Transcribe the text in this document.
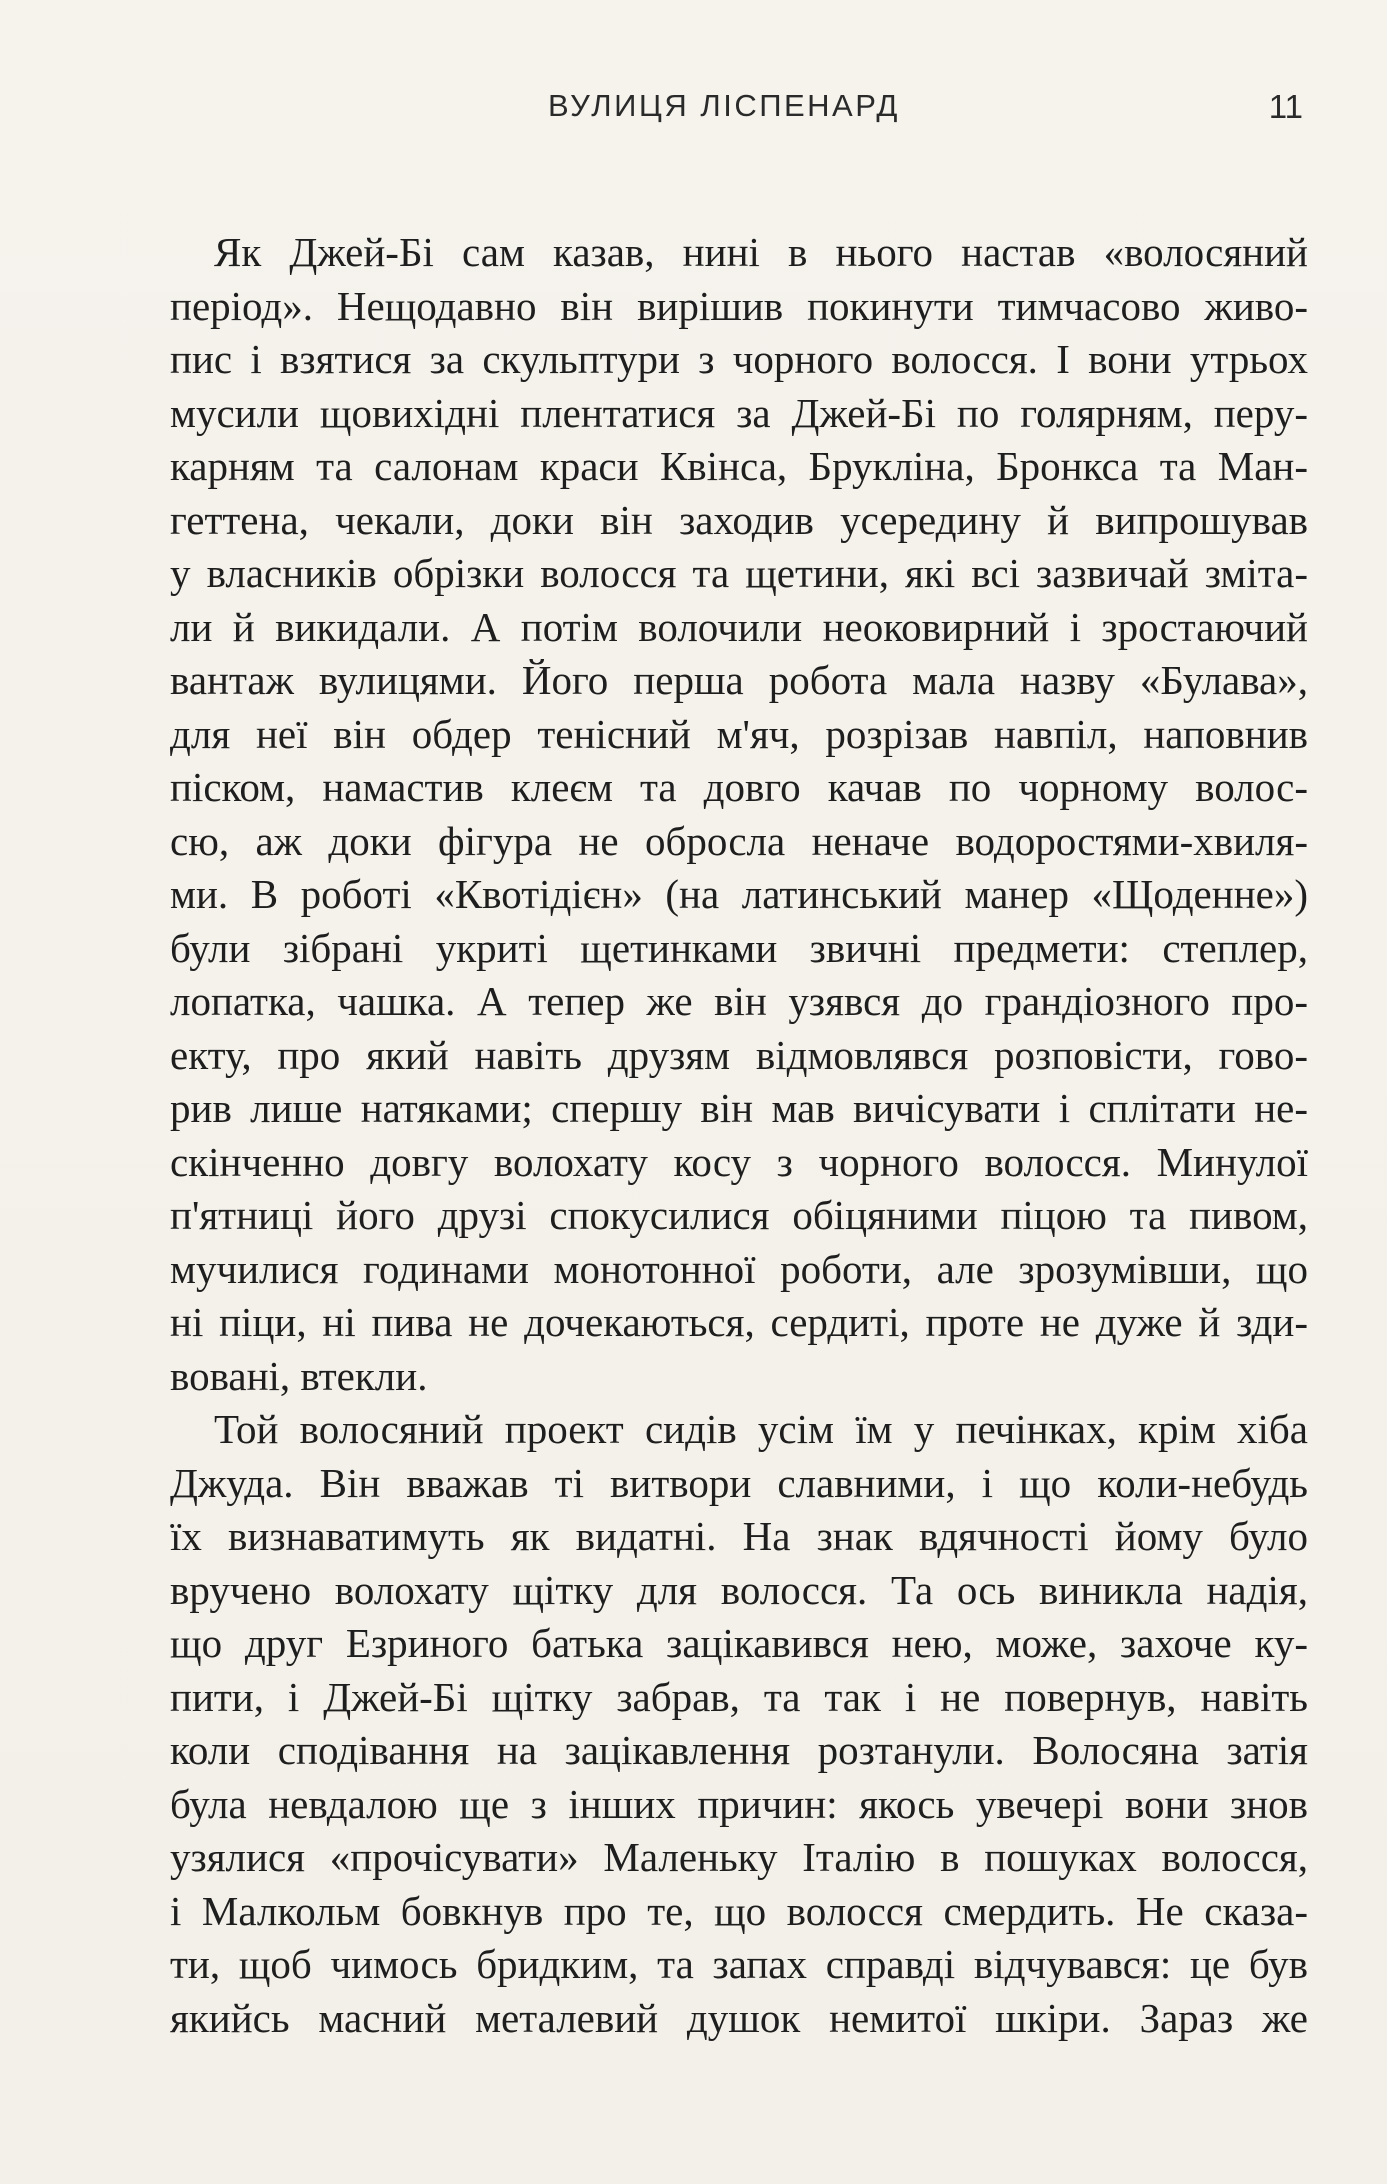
ВУЛИЦЯ ЛІСПЕНАРД	11
Як Джей-Бі сам казав, нині в нього настав «волосяний
період». Нещодавно він вирішив покинути тимчасово живо-
пис і взятися за скульптури з чорного волосся. І вони утрьох
мусили щовихідні плентатися за Джей-Бі по голярням, перу-
карням та салонам краси Квінса, Брукліна, Бронкса та Ман-
геттена, чекали, доки він заходив усередину й випрошував
у власників обрізки волосся та щетини, які всі зазвичай зміта-
ли й викидали. А потім волочили неоковирний і зростаючий
вантаж вулицями. Його перша робота мала назву «Булава»,
для неї він обдер тенісний м'яч, розрізав навпіл, наповнив
піском, намастив клеєм та довго качав по чорному волос-
сю, аж доки фігура не обросла неначе водоростями-хвиля-
ми. В роботі «Квотідієн» (на латинський манер «Щоденне»)
були зібрані укриті щетинками звичні предмети: степлер,
лопатка, чашка. А тепер же він узявся до грандіозного про-
екту, про який навіть друзям відмовлявся розповісти, гово-
рив лише натяками; спершу він мав вичісувати і сплітати не-
скінченно довгу волохату косу з чорного волосся. Минулої
п'ятниці його друзі спокусилися обіцяними піцою та пивом,
мучилися годинами монотонної роботи, але зрозумівши, що
ні піци, ні пива не дочекаються, сердиті, проте не дуже й зди-
вовані, втекли.
Той волосяний проект сидів усім їм у печінках, крім хіба
Джуда. Він вважав ті витвори славними, і що коли-небудь
їх визнаватимуть як видатні. На знак вдячності йому було
вручено волохату щітку для волосся. Та ось виникла надія,
що друг Езриного батька зацікавився нею, може, захоче ку-
пити, і Джей-Бі щітку забрав, та так і не повернув, навіть
коли сподівання на зацікавлення розтанули. Волосяна затія
була невдалою ще з інших причин: якось увечері вони знов
узялися «прочісувати» Маленьку Італію в пошуках волосся,
і Малкольм бовкнув про те, що волосся смердить. Не сказа-
ти, щоб чимось бридким, та запах справді відчувався: це був
якийсь масний металевий душок немитої шкіри. Зараз же
